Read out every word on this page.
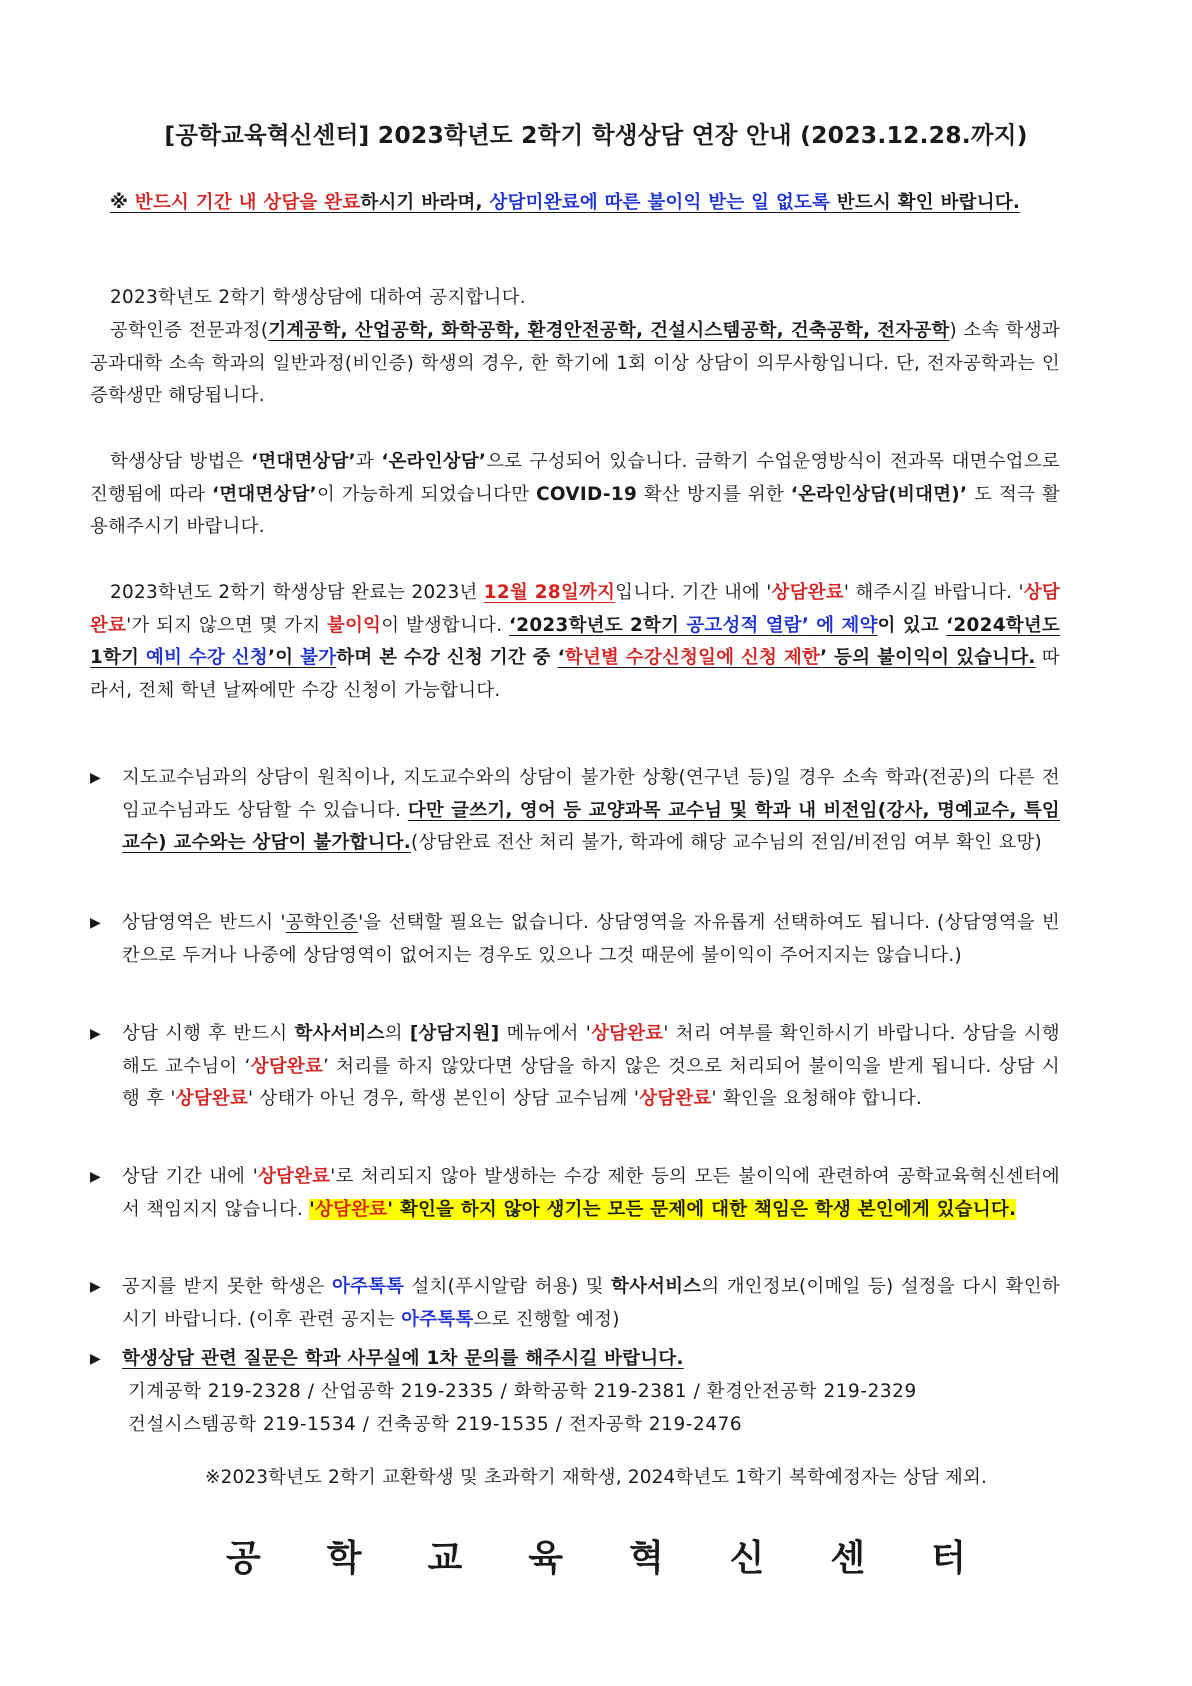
[공학교육혁신센터] 2023학년도 2학기 학생상담 연장 안내 (2023.12.28.까지)
※ 반드시 기간 내 상담을 완료하시기 바라며, 상담미완료에 따른 불이익 받는 일 없도록 반드시 확인 바랍니다.
2023학년도 2학기 학생상담에 대하여 공지합니다.
공학인증 전문과정(기계공학, 산업공학, 화학공학, 환경안전공학, 건설시스템공학, 건축공학, 전자공학) 소속 학생과 공과대학 소속 학과의 일반과정(비인증) 학생의 경우, 한 학기에 1회 이상 상담이 의무사항입니다. 단, 전자공학과는 인증학생만 해당됩니다.
학생상담 방법은 ‘면대면상담’과 ‘온라인상담’으로 구성되어 있습니다. 금학기 수업운영방식이 전과목 대면수업으로 진행됨에 따라 ‘면대면상담’이 가능하게 되었습니다만 COVID-19 확산 방지를 위한 ‘온라인상담(비대면)’ 도 적극 활용해주시기 바랍니다.
2023학년도 2학기 학생상담 완료는 2023년 12월 28일까지입니다. 기간 내에 '상담완료' 해주시길 바랍니다. '상담완료'가 되지 않으면 몇 가지 불이익이 발생합니다. ‘2023학년도 2학기 공고성적 열람’ 에 제약이 있고 ‘2024학년도 1학기 예비 수강 신청’이 불가하며 본 수강 신청 기간 중 ‘학년별 수강신청일에 신청 제한’ 등의 불이익이 있습니다. 따라서, 전체 학년 날짜에만 수강 신청이 가능합니다.
▶ 지도교수님과의 상담이 원칙이나, 지도교수와의 상담이 불가한 상황(연구년 등)일 경우 소속 학과(전공)의 다른 전임교수님과도 상담할 수 있습니다. 다만 글쓰기, 영어 등 교양과목 교수님 및 학과 내 비전임(강사, 명예교수, 특임교수) 교수와는 상담이 불가합니다.(상담완료 전산 처리 불가, 학과에 해당 교수님의 전임/비전임 여부 확인 요망)
▶ 상담영역은 반드시 '공학인증'을 선택할 필요는 없습니다. 상담영역을 자유롭게 선택하여도 됩니다. (상담영역을 빈칸으로 두거나 나중에 상담영역이 없어지는 경우도 있으나 그것 때문에 불이익이 주어지지는 않습니다.)
▶ 상담 시행 후 반드시 학사서비스의 [상담지원] 메뉴에서 '상담완료' 처리 여부를 확인하시기 바랍니다. 상담을 시행해도 교수님이 ‘상담완료’ 처리를 하지 않았다면 상담을 하지 않은 것으로 처리되어 불이익을 받게 됩니다. 상담 시행 후 '상담완료' 상태가 아닌 경우, 학생 본인이 상담 교수님께 '상담완료' 확인을 요청해야 합니다.
▶ 상담 기간 내에 '상담완료'로 처리되지 않아 발생하는 수강 제한 등의 모든 불이익에 관련하여 공학교육혁신센터에서 책임지지 않습니다. '상담완료' 확인을 하지 않아 생기는 모든 문제에 대한 책임은 학생 본인에게 있습니다.
▶ 공지를 받지 못한 학생은 아주톡톡 설치(푸시알람 허용) 및 학사서비스의 개인정보(이메일 등) 설정을 다시 확인하시기 바랍니다. (이후 관련 공지는 아주톡톡으로 진행할 예정)
▶ 학생상담 관련 질문은 학과 사무실에 1차 문의를 해주시길 바랍니다.
기계공학 219-2328 / 산업공학 219-2335 / 화학공학 219-2381 / 환경안전공학 219-2329
건설시스템공학 219-1534 / 건축공학 219-1535 / 전자공학 219-2476
※2023학년도 2학기 교환학생 및 초과학기 재학생, 2024학년도 1학기 복학예정자는 상담 제외.
공 학 교 육 혁 신 센 터
